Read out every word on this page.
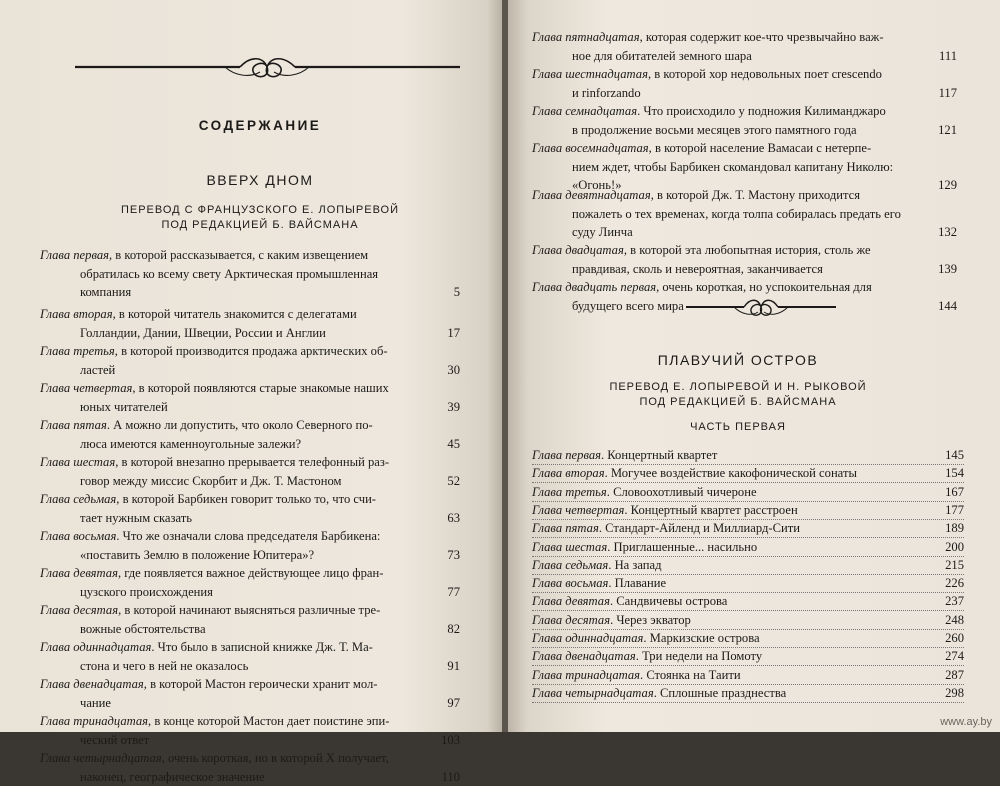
СОДЕРЖАНИЕ
ВВЕРХ ДНОМ
ПЕРЕВОД С ФРАНЦУЗСКОГО Е. ЛОПЫРЕВОЙ
ПОД РЕДАКЦИЕЙ Б. ВАЙСМАНА
Глава первая, в которой рассказывается, с каким извещением
обратилась ко всему свету Арктическая промышленная компания	5
Глава вторая, в которой читатель знакомится с делегатами
Голландии, Дании, Швеции, России и Англии	17
Глава третья, в которой производится продажа арктических об-
ластей	30
Глава четвертая, в которой появляются старые знакомые наших
юных читателей	39
Глава пятая. А можно ли допустить, что около Северного по-
люса имеются каменноугольные залежи?	45
Глава шестая, в которой внезапно прерывается телефонный раз-
говор между миссис Скорбит и Дж. Т. Мастоном	52
Глава седьмая, в которой Барбикен говорит только то, что счи-
тает нужным сказать	63
Глава восьмая. Что же означали слова председателя Барбикена:
«поставить Землю в положение Юпитера»?	73
Глава девятая, где появляется важное действующее лицо фран-
цузского происхождения	77
Глава десятая, в которой начинают выясняться различные тре-
вожные обстоятельства	82
Глава одиннадцатая. Что было в записной книжке Дж. Т. Ма-
стона и чего в ней не оказалось	91
Глава двенадцатая, в которой Мастон героически хранит мол-
чание	97
Глава тринадцатая, в конце которой Мастон дает поистине эпи-
ческий ответ	103
Глава четырнадцатая, очень короткая, но в которой X получает,
наконец, географическое значение	110
Глава пятнадцатая, которая содержит кое-что чрезвычайно важ-
ное для обитателей земного шара	111
Глава шестнадцатая, в которой хор недовольных поет crescendo
и rinforzando	117
Глава семнадцатая. Что происходило у подножия Килиманджаро
в продолжение восьми месяцев этого памятного года	121
Глава восемнадцатая, в которой население Вамасаи с нетерпе-
нием ждет, чтобы Барбикен скомандовал капитану Николю: «Огонь!»	129
Глава девятнадцатая, в которой Дж. Т. Мастону приходится
пожалеть о тех временах, когда толпа собиралась предать его суду Линча	132
Глава двадцатая, в которой эта любопытная история, столь же
правдивая, сколь и невероятная, заканчивается	139
Глава двадцать первая, очень короткая, но успокоительная для
будущего всего мира	144
ПЛАВУЧИЙ ОСТРОВ
ПЕРЕВОД Е. ЛОПЫРЕВОЙ И Н. РЫКОВОЙ
ПОД РЕДАКЦИЕЙ Б. ВАЙСМАНА
ЧАСТЬ ПЕРВАЯ
Глава первая. Концертный квартет	145
Глава вторая. Могучее воздействие какофонической сонаты	154
Глава третья. Словоохотливый чичероне	167
Глава четвертая. Концертный квартет расстроен	177
Глава пятая. Стандарт-Айленд и Миллиард-Сити	189
Глава шестая. Приглашенные... насильно	200
Глава седьмая. На запад	215
Глава восьмая. Плавание	226
Глава девятая. Сандвичевы острова	237
Глава десятая. Через экватор	248
Глава одиннадцатая. Маркизские острова	260
Глава двенадцатая. Три недели на Помоту	274
Глава тринадцатая. Стоянка на Таити	287
Глава четырнадцатая. Сплошные празднества	298
www.ay.by
